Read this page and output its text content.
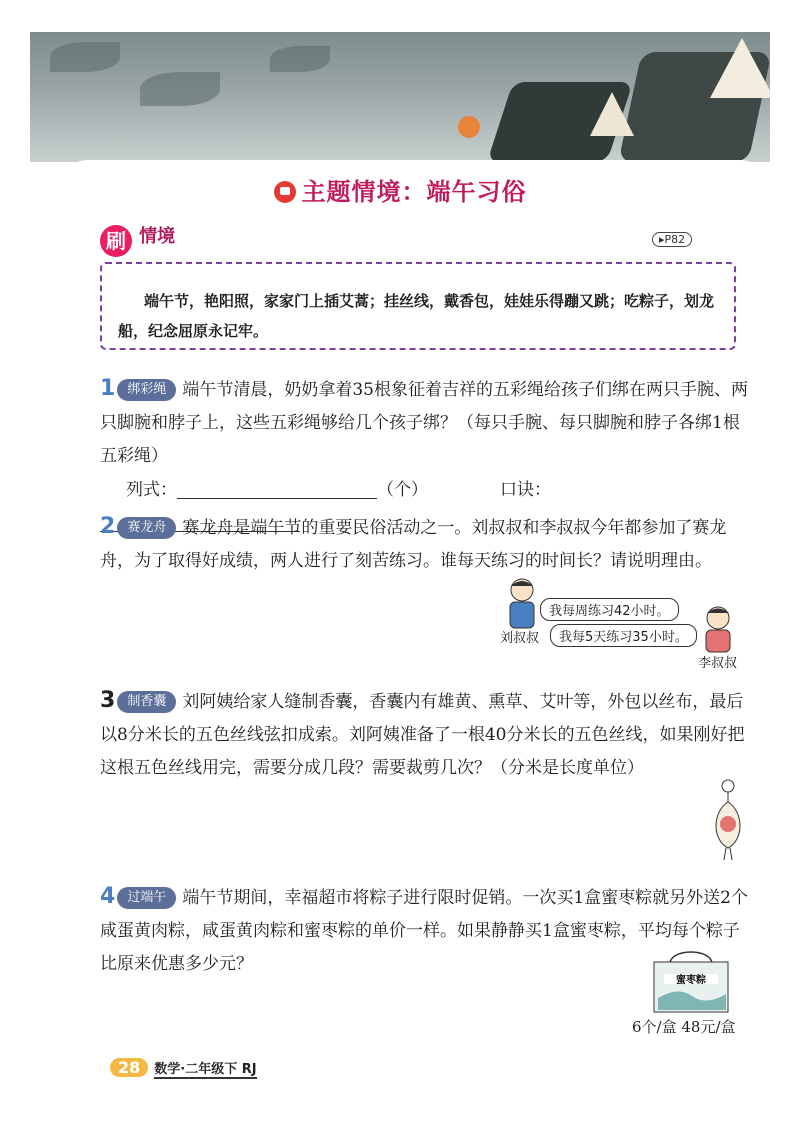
主题情境：端午习俗
刷 情境	▸P82
端午节，艳阳照，家家门上插艾蒿；挂丝线，戴香包，娃娃乐得蹦又跳；吃粽子，划龙船，纪念屈原永记牢。
1 绑彩绳 端午节清晨，奶奶拿着35根象征着吉祥的五彩绳给孩子们绑在两只手腕、两只脚腕和脖子上，这些五彩绳够给几个孩子绑？（每只手腕、每只脚腕和脖子各绑1根五彩绳）
列式：	（个）	口诀：
2 赛龙舟 赛龙舟是端午节的重要民俗活动之一。刘叔叔和李叔叔今年都参加了赛龙舟，为了取得好成绩，两人进行了刻苦练习。谁每天练习的时间长？请说明理由。
我每周练习42小时。
刘叔叔	我每5天练习35小时。
李叔叔
3 制香囊 刘阿姨给家人缝制香囊，香囊内有雄黄、熏草、艾叶等，外包以丝布，最后以8分米长的五色丝线弦扣成索。刘阿姨准备了一根40分米长的五色丝线，如果刚好把这根五色丝线用完，需要分成几段？需要裁剪几次？（分米是长度单位）
4 过端午 端午节期间，幸福超市将粽子进行限时促销。一次买1盒蜜枣粽就另外送2个咸蛋黄肉粽，咸蛋黄肉粽和蜜枣粽的单价一样。如果静静买1盒蜜枣粽，平均每个粽子比原来优惠多少元？
蜜枣粽
6个/盒 48元/盒
28 数学·二年级下 RJ
